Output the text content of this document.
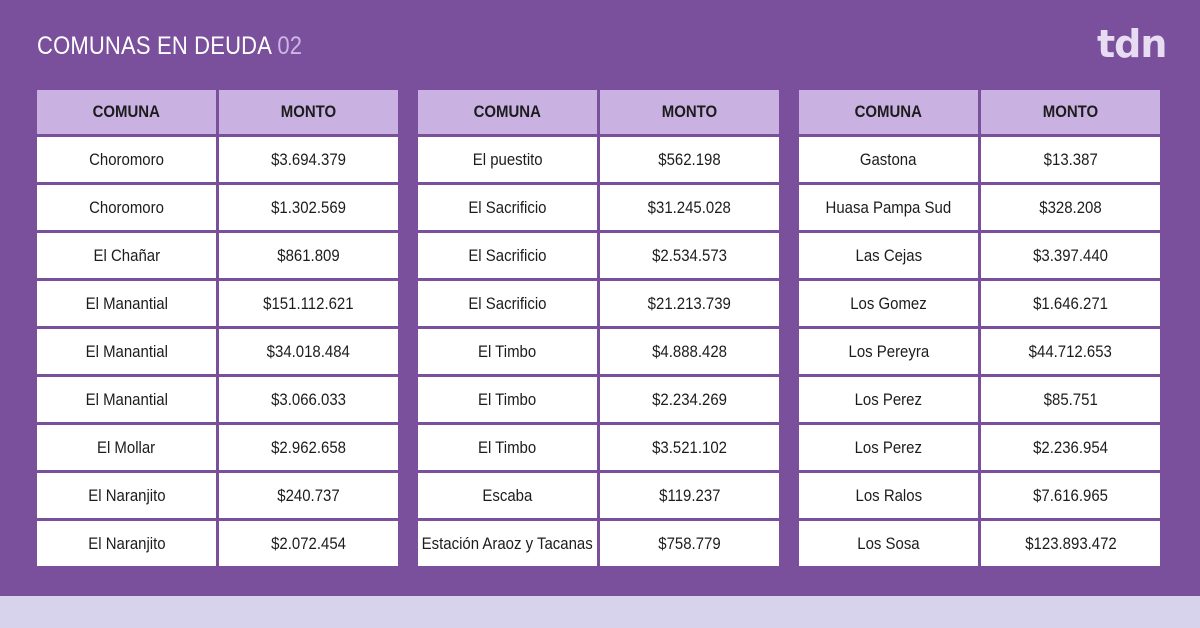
COMUNAS EN DEUDA 02	tdn
COMUNA	MONTO
Choromoro	$3.694.379
Choromoro	$1.302.569
El Chañar	$861.809
El Manantial	$151.112.621
El Manantial	$34.018.484
El Manantial	$3.066.033
El Mollar	$2.962.658
El Naranjito	$240.737
El Naranjito	$2.072.454
COMUNA	MONTO
El puestito	$562.198
El Sacrificio	$31.245.028
El Sacrificio	$2.534.573
El Sacrificio	$21.213.739
El Timbo	$4.888.428
El Timbo	$2.234.269
El Timbo	$3.521.102
Escaba	$119.237
Estación Araoz y Tacanas	$758.779
COMUNA	MONTO
Gastona	$13.387
Huasa Pampa Sud	$328.208
Las Cejas	$3.397.440
Los Gomez	$1.646.271
Los Pereyra	$44.712.653
Los Perez	$85.751
Los Perez	$2.236.954
Los Ralos	$7.616.965
Los Sosa	$123.893.472
